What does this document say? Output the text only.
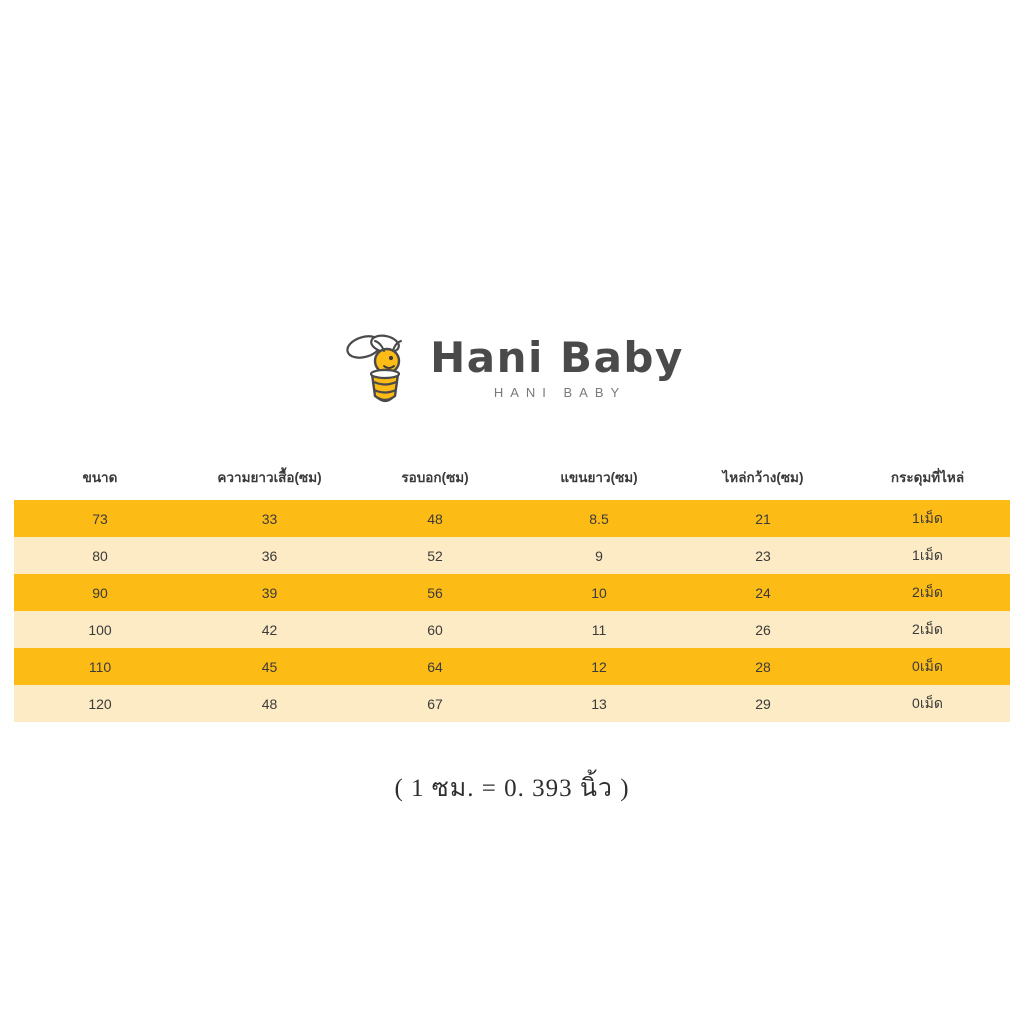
Hani Baby
HANI BABY
ขนาด	ความยาวเสื้อ(ซม)	รอบอก(ซม)	แขนยาว(ซม)	ไหล่กว้าง(ซม)	กระดุมที่ไหล่
73	33	48	8.5	21	1เม็ด
80	36	52	9	23	1เม็ด
90	39	56	10	24	2เม็ด
100	42	60	11	26	2เม็ด
110	45	64	12	28	0เม็ด
120	48	67	13	29	0เม็ด
( 1 ซม. = 0. 393 นิ้ว )
